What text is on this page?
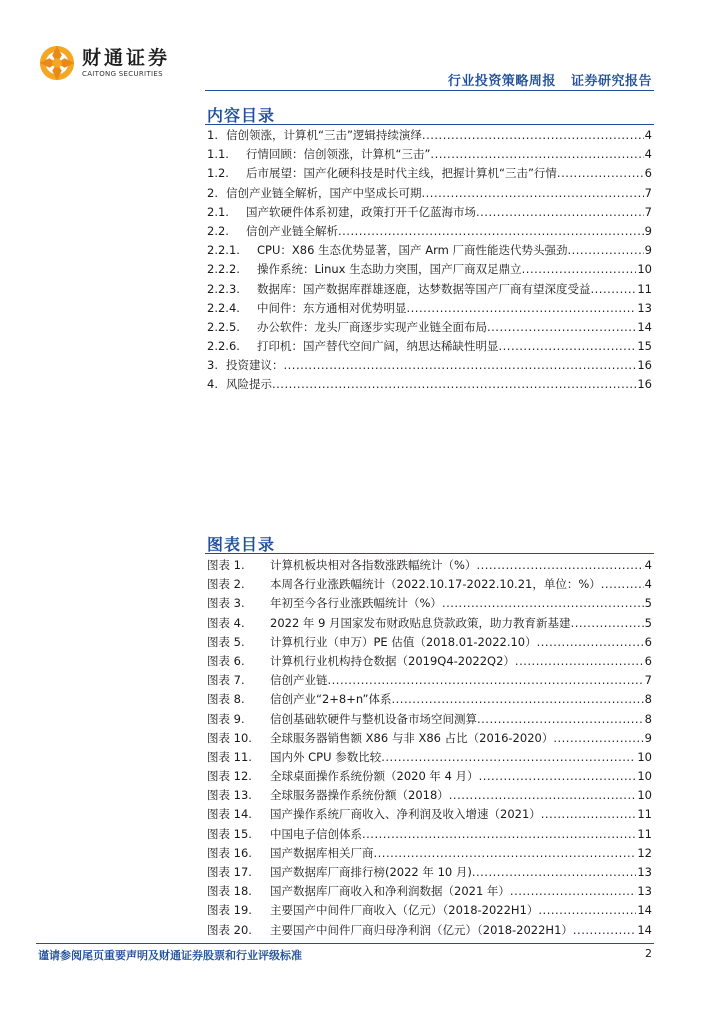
财通证券
CAITONG SECURITIES	行业投资策略周报   证券研究报告
内容目录
1. 信创领涨，计算机“三击”逻辑持续演绎 .....	4
1.1.	行情回顾：信创领涨，计算机“三击” .....	4
1.2.	后市展望：国产化硬科技是时代主线，把握计算机“三击”行情 .....	6
2. 信创产业链全解析，国产中坚成长可期 .....	7
2.1.	国产软硬件体系初建，政策打开千亿蓝海市场 .....	7
2.2.	信创产业链全解析 .....	9
2.2.1.	CPU：X86 生态优势显著，国产 Arm 厂商性能迭代势头强劲 .....	9
2.2.2.	操作系统：Linux 生态助力突围，国产厂商双足鼎立 .....	10
2.2.3.	数据库：国产数据库群雄逐鹿，达梦数据等国产厂商有望深度受益 .....	11
2.2.4.	中间件：东方通相对优势明显 .....	13
2.2.5.	办公软件：龙头厂商逐步实现产业链全面布局 .....	14
2.2.6.	打印机：国产替代空间广阔，纳思达稀缺性明显 .....	15
3. 投资建议： .....	16
4. 风险提示 .....	16
图表目录
图表 1.	计算机板块相对各指数涨跌幅统计（%） .....	4
图表 2.	本周各行业涨跌幅统计（2022.10.17-2022.10.21，单位：%） .....	4
图表 3.	年初至今各行业涨跌幅统计（%） .....	5
图表 4.	2022 年 9 月国家发布财政贴息贷款政策，助力教育新基建 .....	5
图表 5.	计算机行业（申万）PE 估值（2018.01-2022.10） .....	6
图表 6.	计算机行业机构持仓数据（2019Q4-2022Q2） .....	6
图表 7.	信创产业链 .....	7
图表 8.	信创产业“2+8+n”体系 .....	8
图表 9.	信创基础软硬件与整机设备市场空间测算 .....	8
图表 10.	全球服务器销售额 X86 与非 X86 占比（2016-2020） .....	9
图表 11.	国内外 CPU 参数比较 .....	10
图表 12.	全球桌面操作系统份额（2020 年 4 月） .....	10
图表 13.	全球服务器操作系统份额（2018） .....	10
图表 14.	国产操作系统厂商收入、净利润及收入增速（2021） .....	11
图表 15.	中国电子信创体系 .....	11
图表 16.	国产数据库相关厂商 .....	12
图表 17.	国产数据库厂商排行榜(2022 年 10 月) .....	13
图表 18.	国产数据库厂商收入和净利润数据（2021 年） .....	13
图表 19.	主要国产中间件厂商收入（亿元）（2018-2022H1） .....	14
图表 20.	主要国产中间件厂商归母净利润（亿元）（2018-2022H1） .....	14
谨请参阅尾页重要声明及财通证券股票和行业评级标准	2
